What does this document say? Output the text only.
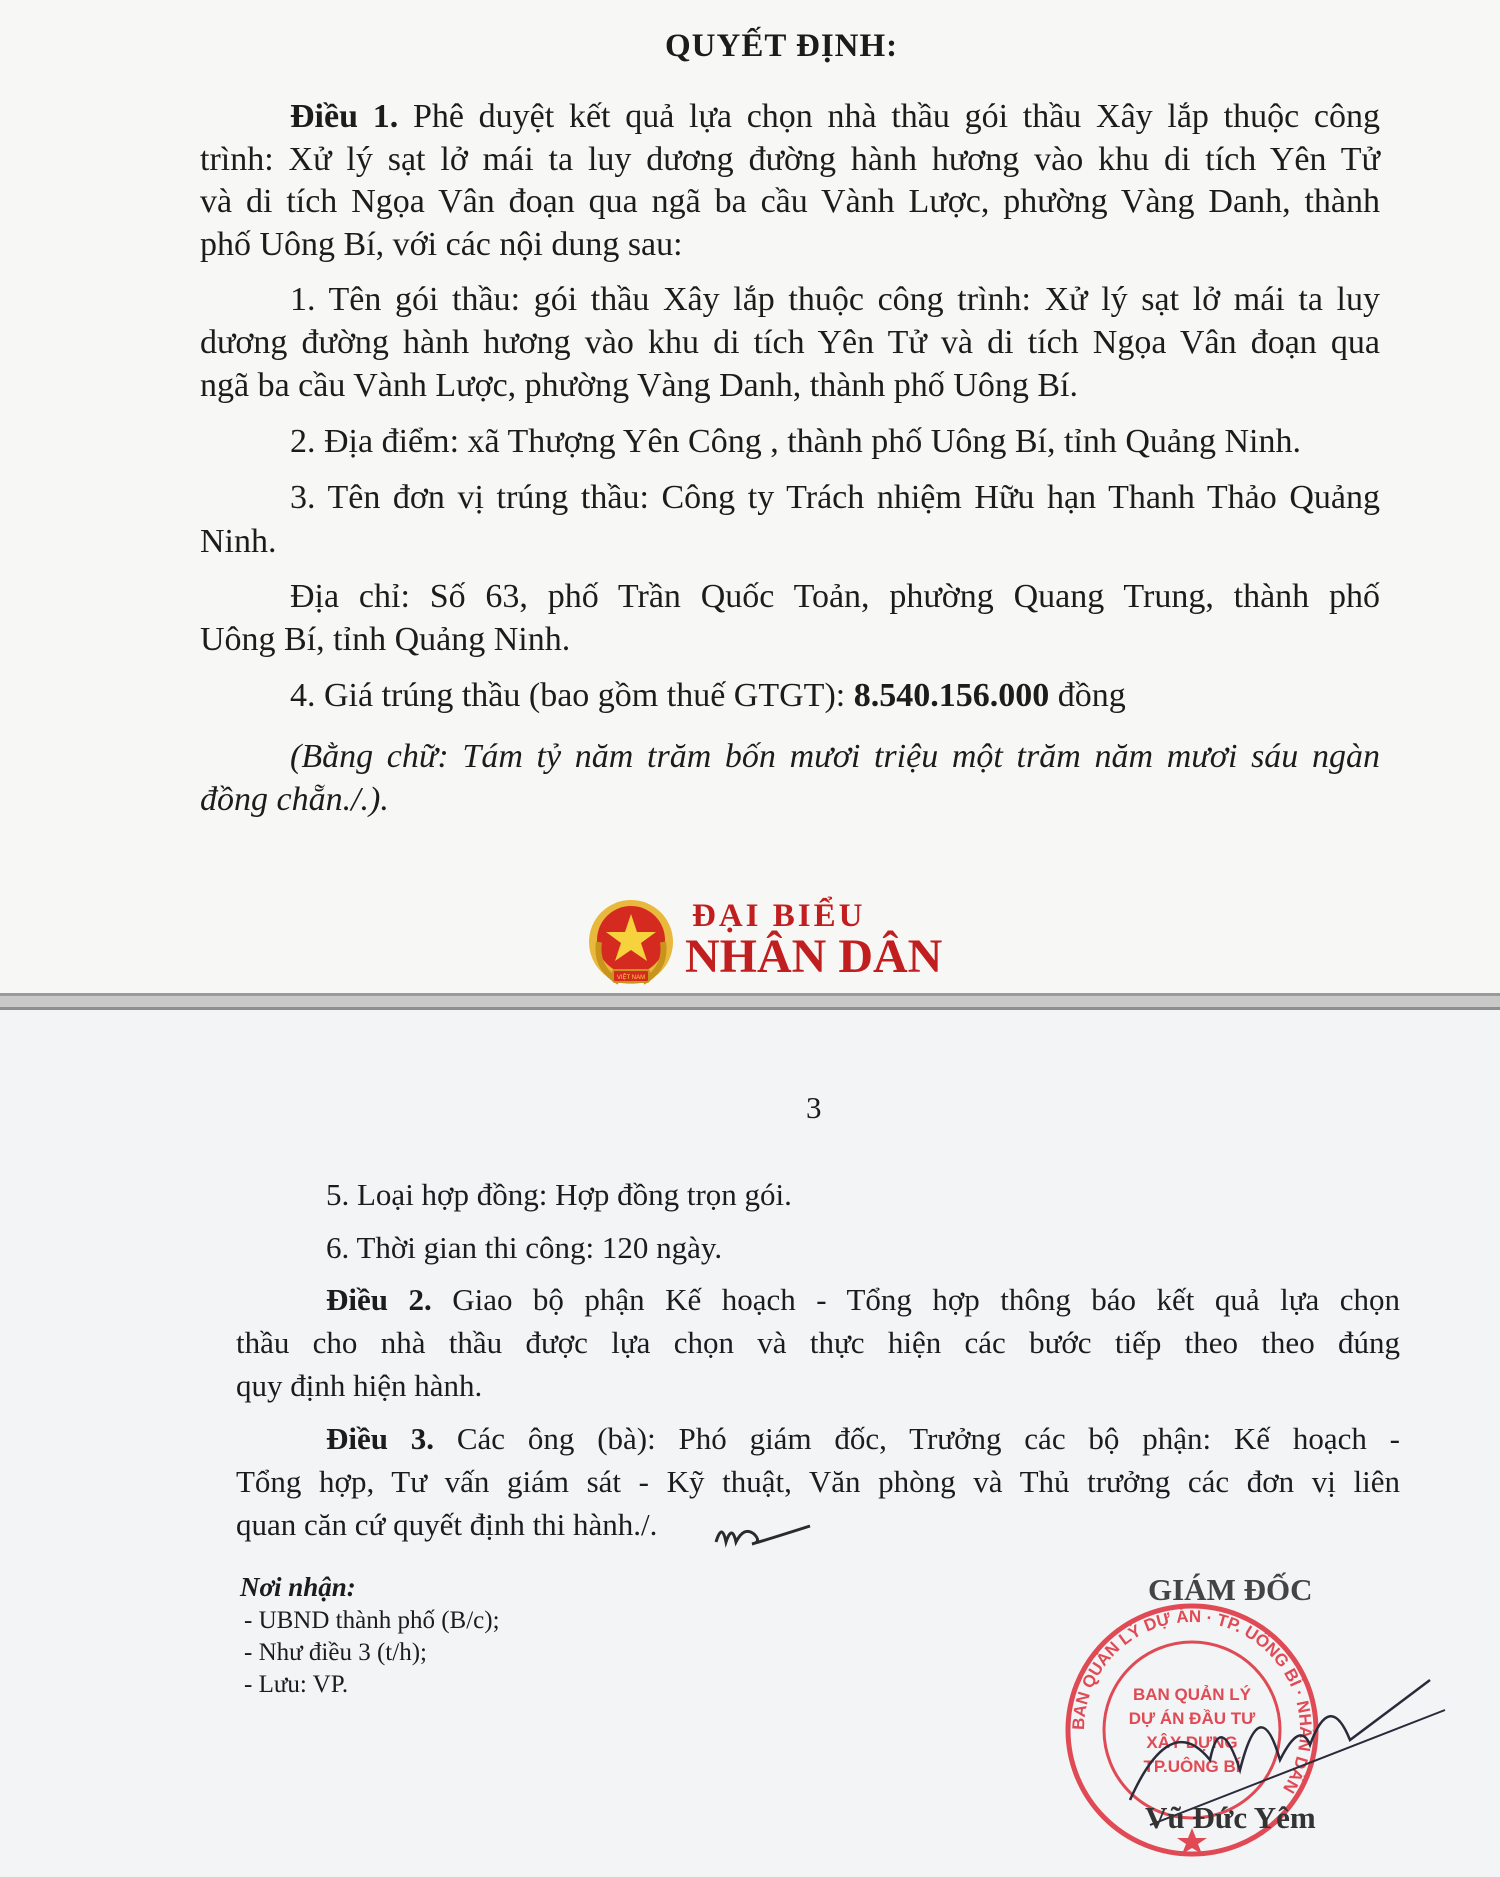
QUYẾT ĐỊNH:

Điều 1. Phê duyệt kết quả lựa chọn nhà thầu gói thầu Xây lắp thuộc công

trình: Xử lý sạt lở mái ta luy dương đường hành hương vào khu di tích Yên Tử

và di tích Ngọa Vân đoạn qua ngã ba cầu Vành Lược, phường Vàng Danh, thành

phố Uông Bí, với các nội dung sau:

1. Tên gói thầu: gói thầu Xây lắp thuộc công trình: Xử lý sạt lở mái ta luy

dương đường hành hương vào khu di tích Yên Tử và di tích Ngọa Vân đoạn qua

ngã ba cầu Vành Lược, phường Vàng Danh, thành phố Uông Bí.

2. Địa điểm: xã Thượng Yên Công , thành phố Uông Bí, tỉnh Quảng Ninh.

3. Tên đơn vị trúng thầu: Công ty Trách nhiệm Hữu hạn Thanh Thảo Quảng

Ninh.

Địa chỉ: Số 63, phố Trần Quốc Toản, phường Quang Trung, thành phố

Uông Bí, tỉnh Quảng Ninh.

4. Giá trúng thầu (bao gồm thuế GTGT): 8.540.156.000 đồng

(Bằng chữ: Tám tỷ năm trăm bốn mươi triệu một trăm năm mươi sáu ngàn

đồng chẵn./.).

VIỆT NAM
ĐẠI BIỂU
NHÂN DÂN

3

5. Loại hợp đồng: Hợp đồng trọn gói.

6. Thời gian thi công: 120 ngày.

Điều 2. Giao bộ phận Kế hoạch - Tổng hợp thông báo kết quả lựa chọn

thầu cho nhà thầu được lựa chọn và thực hiện các bước tiếp theo theo đúng

quy định hiện hành.

Điều 3. Các ông (bà): Phó giám đốc, Trưởng các bộ phận: Kế hoạch -

Tổng hợp, Tư vấn giám sát - Kỹ thuật, Văn phòng và Thủ trưởng các đơn vị liên

quan căn cứ quyết định thi hành./.

Nơi nhận:

- UBND thành phố (B/c);

- Như điều 3 (t/h);

- Lưu: VP.

GIÁM ĐỐC

BAN QUẢN LÝ DỰ ÁN · TP. UÔNG BÍ · NHÂN DÂN
BAN QUẢN LÝ
DỰ ÁN ĐẦU TƯ
XÂY DỰNG
TP.UÔNG BÍ

Vũ Đức Yêm
